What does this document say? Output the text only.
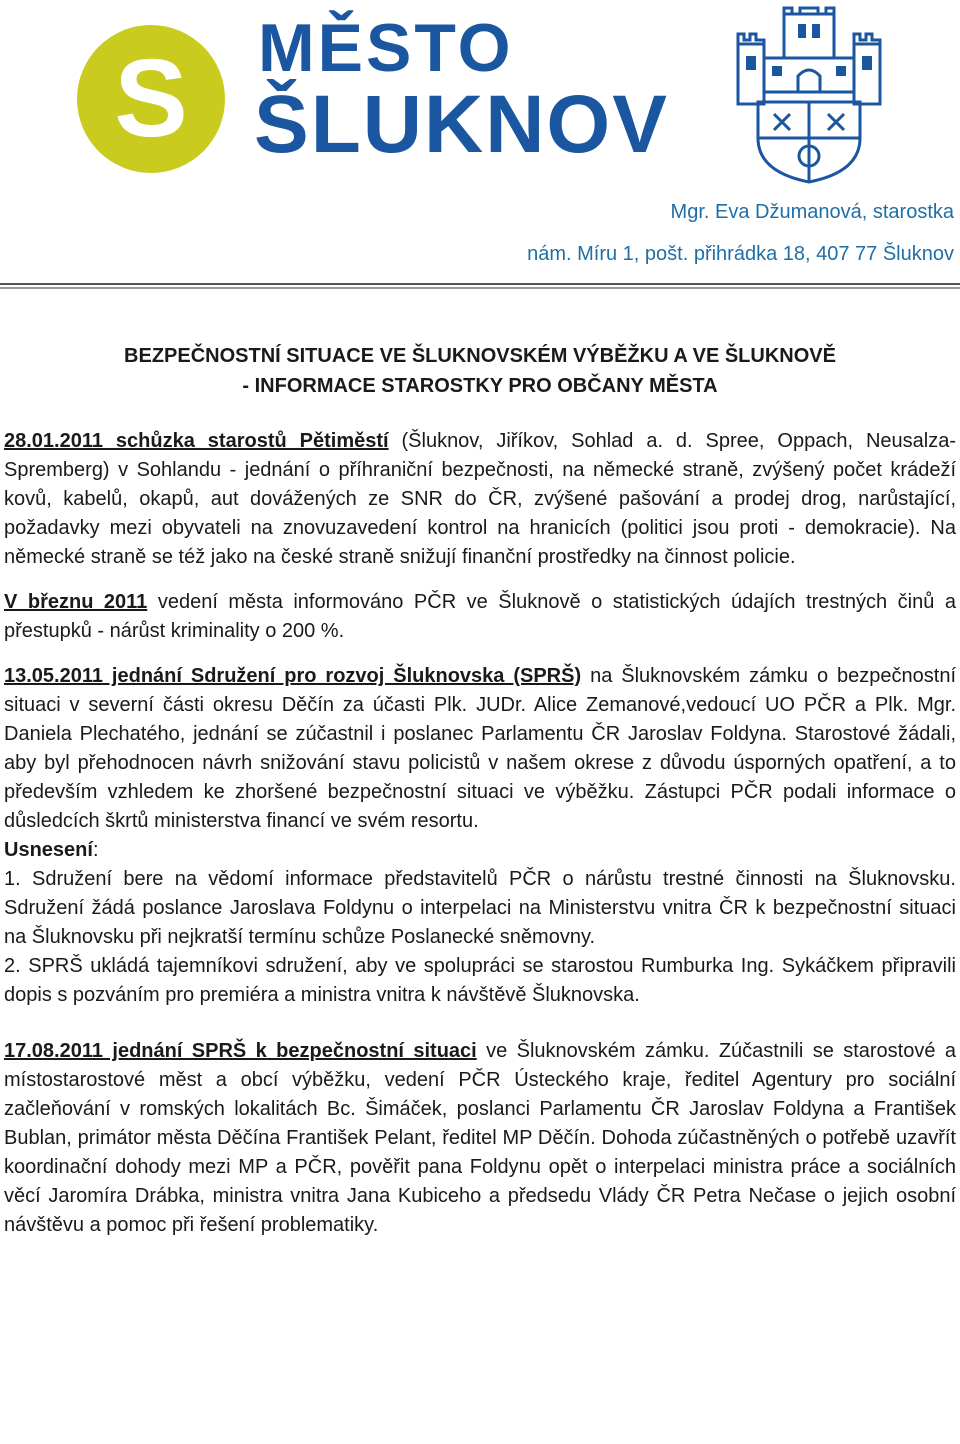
S MĚSTO
ŠLUKNOV
Mgr. Eva Džumanová, starostka
nám. Míru 1, pošt. přihrádka 18, 407 77 Šluknov
BEZPEČNOSTNÍ SITUACE VE ŠLUKNOVSKÉM VÝBĚŽKU A VE ŠLUKNOVĚ
- INFORMACE STAROSTKY PRO OBČANY MĚSTA

28.01.2011 schůzka starostů Pětiměstí (Šluknov, Jiříkov, Sohlad a. d. Spree, Oppach, Neusalza-Spremberg) v Sohlandu - jednání o příhraniční bezpečnosti, na německé straně, zvýšený počet krádeží kovů, kabelů, okapů, aut dovážených ze SNR do ČR, zvýšené pašování a prodej drog, narůstající, požadavky mezi obyvateli na znovuzavedení kontrol na hranicích (politici jsou proti - demokracie). Na německé straně se též jako na české straně snižují finanční prostředky na činnost policie.

V březnu 2011 vedení města informováno PČR ve Šluknově o statistických údajích trestných činů a přestupků - nárůst kriminality o 200 %.

13.05.2011 jednání Sdružení pro rozvoj Šluknovska (SPRŠ) na Šluknovském zámku o bezpečnostní situaci v severní části okresu Děčín za účasti Plk. JUDr. Alice Zemanové,vedoucí UO PČR a Plk. Mgr. Daniela Plechatého, jednání se zúčastnil i poslanec Parlamentu ČR Jaroslav Foldyna. Starostové žádali, aby byl přehodnocen návrh snižování stavu policistů v našem okrese z důvodu úsporných opatření, a to především vzhledem ke zhoršené bezpečnostní situaci ve výběžku. Zástupci PČR podali informace o důsledcích škrtů ministerstva financí ve svém resortu.

Usnesení:

1. Sdružení bere na vědomí informace představitelů PČR o nárůstu trestné činnosti na Šluknovsku. Sdružení žádá poslance Jaroslava Foldynu o interpelaci na Ministerstvu vnitra ČR k bezpečnostní situaci na Šluknovsku při nejkratší termínu schůze Poslanecké sněmovny.

2. SPRŠ ukládá tajemníkovi sdružení, aby ve spolupráci se starostou Rumburka Ing. Sykáčkem připravili dopis s pozváním pro premiéra a ministra vnitra k návštěvě Šluknovska.

17.08.2011 jednání SPRŠ k bezpečnostní situaci ve Šluknovském zámku. Zúčastnili se starostové a místostarostové měst a obcí výběžku, vedení PČR Ústeckého kraje, ředitel Agentury pro sociální začleňování v romských lokalitách Bc. Šimáček, poslanci Parlamentu ČR Jaroslav Foldyna a František Bublan, primátor města Děčína František Pelant, ředitel MP Děčín. Dohoda zúčastněných o potřebě uzavřít koordinační dohody mezi MP a PČR, pověřit pana Foldynu opět o interpelaci ministra práce a sociálních věcí Jaromíra Drábka, ministra vnitra Jana Kubiceho a předsedu Vlády ČR Petra Nečase o jejich osobní návštěvu a pomoc při řešení problematiky.
